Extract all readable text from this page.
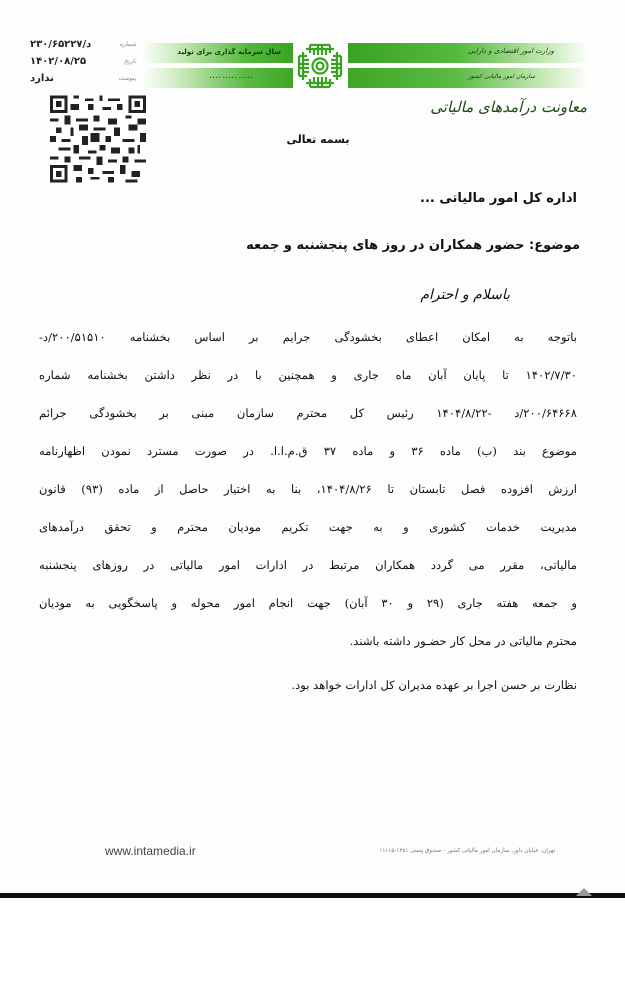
شماره
د/۲۳۰/۶۵۲۲۷
تاریخ
۱۴۰۲/۰۸/۲۵
پیوست
ندارد
سال سرمایه گذاری برای تولید
•••• ••••• •••••
وزارت امور اقتصادی و دارایی
سازمان امور مالیاتی کشور
معاونت درآمدهای مالیاتی
بسمه تعالی
اداره کل امور مالیاتی ...
موضوع: حضور همکاران در روز های پنجشنبه و جمعه
باسلام و احترام
باتوجه به امکان اعطای بخشودگی جرایم بر اساس بخشنامه ۲۰۰/۵۱۵۱۰/د-
۱۴۰۲/۷/۳۰ تا پایان آبان ماه جاری و همچنین با در نظر داشتن بخشنامه شماره
۲۰۰/۶۴۶۶۸/د -۱۴۰۴/۸/۲۲ رئیس کل محترم سازمان مبنی بر بخشودگی جرائم
موضوع بند (ب) ماده ۳۶ و ماده ۳۷ ق.م.ا.ا. در صورت مسترد نمودن اظهارنامه
ارزش افزوده فصل تابستان تا ۱۴۰۴/۸/۲۶، بنا به اختیار حاصل از ماده (۹۳) قانون
مدیریت خدمات کشوری و به جهت تکریم مودیان محترم و تحقق درآمدهای
مالیاتی، مقرر می گردد همکاران مرتبط در ادارات امور مالیاتی در روزهای پنجشنبه
و جمعه هفته جاری (۲۹ و ۳۰ آبان) جهت انجام امور محوله و پاسخگویی به مودیان
محترم مالیاتی در محل کار حضـور داشته باشند.
نظارت بر حسن اجرا بر عهده مدیران کل ادارات خواهد بود.
www.intamedia.ir	تهران، خیابان داور، سازمان امور مالیاتی کشور - صندوق پستی ۱۴۵۱-۱۱۱۱۵
